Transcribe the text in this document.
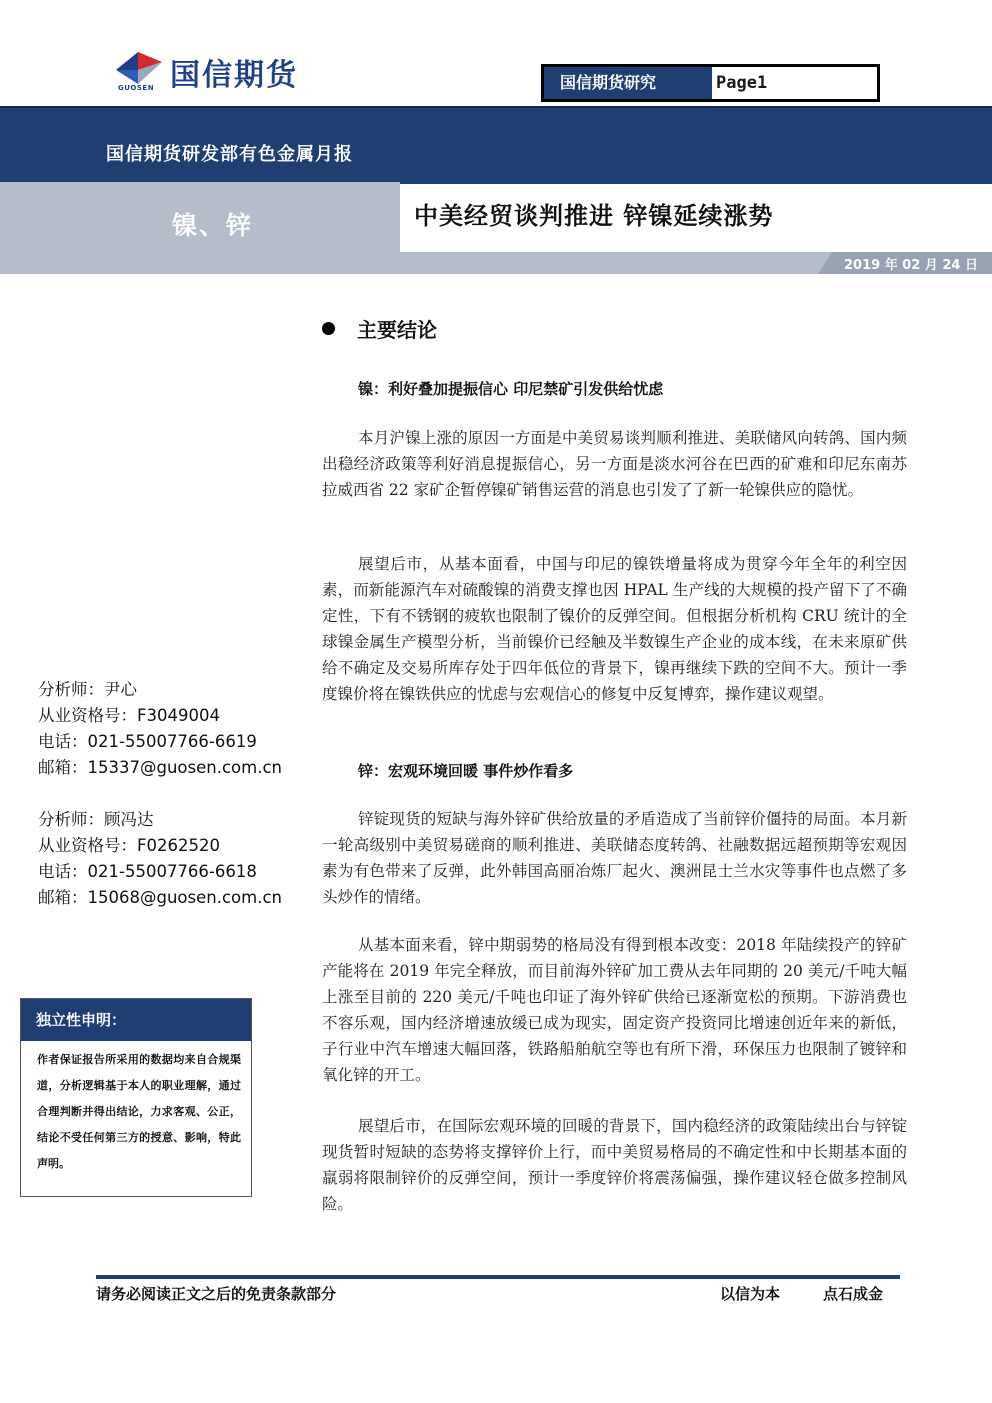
国信期货
GUOSEN	国信期货研究	Page1
国信期货研发部有色金属月报
镍、锌	中美经贸谈判推进 锌镍延续涨势
2019 年 02 月 24 日
主要结论
镍：利好叠加提振信心 印尼禁矿引发供给忧虑

本月沪镍上涨的原因一方面是中美贸易谈判顺利推进、美联储风向转鸽、国内频出稳经济政策等利好消息提振信心，另一方面是淡水河谷在巴西的矿难和印尼东南苏拉威西省 22 家矿企暂停镍矿销售运营的消息也引发了了新一轮镍供应的隐忧。

展望后市，从基本面看，中国与印尼的镍铁增量将成为贯穿今年全年的利空因素，而新能源汽车对硫酸镍的消费支撑也因 HPAL 生产线的大规模的投产留下了不确定性，下有不锈钢的疲软也限制了镍价的反弹空间。但根据分析机构 CRU 统计的全球镍金属生产模型分析，当前镍价已经触及半数镍生产企业的成本线，在未来原矿供给不确定及交易所库存处于四年低位的背景下，镍再继续下跌的空间不大。预计一季度镍价将在镍铁供应的忧虑与宏观信心的修复中反复博弈，操作建议观望。

锌：宏观环境回暖 事件炒作看多

锌锭现货的短缺与海外锌矿供给放量的矛盾造成了当前锌价僵持的局面。本月新一轮高级别中美贸易磋商的顺利推进、美联储态度转鸽、社融数据远超预期等宏观因素为有色带来了反弹，此外韩国高丽冶炼厂起火、澳洲昆士兰水灾等事件也点燃了多头炒作的情绪。

从基本面来看，锌中期弱势的格局没有得到根本改变：2018 年陆续投产的锌矿产能将在 2019 年完全释放，而目前海外锌矿加工费从去年同期的 20 美元/千吨大幅上涨至目前的 220 美元/千吨也印证了海外锌矿供给已逐渐宽松的预期。下游消费也不容乐观，国内经济增速放缓已成为现实，固定资产投资同比增速创近年来的新低，子行业中汽车增速大幅回落，铁路船舶航空等也有所下滑，环保压力也限制了镀锌和氧化锌的开工。

展望后市，在国际宏观环境的回暖的背景下，国内稳经济的政策陆续出台与锌锭现货暂时短缺的态势将支撑锌价上行，而中美贸易格局的不确定性和中长期基本面的羸弱将限制锌价的反弹空间，预计一季度锌价将震荡偏强，操作建议轻仓做多控制风险。

分析师：尹心
从业资格号：F3049004
电话：021-55007766-6619
邮箱：15337@guosen.com.cn
分析师：顾冯达
从业资格号：F0262520
电话：021-55007766-6618
邮箱：15068@guosen.com.cn
独立性申明：
作者保证报告所采用的数据均来自合规渠道，分析逻辑基于本人的职业理解，通过合理判断并得出结论，力求客观、公正，结论不受任何第三方的授意、影响，特此声明。
请务必阅读正文之后的免责条款部分	以信为本	点石成金
